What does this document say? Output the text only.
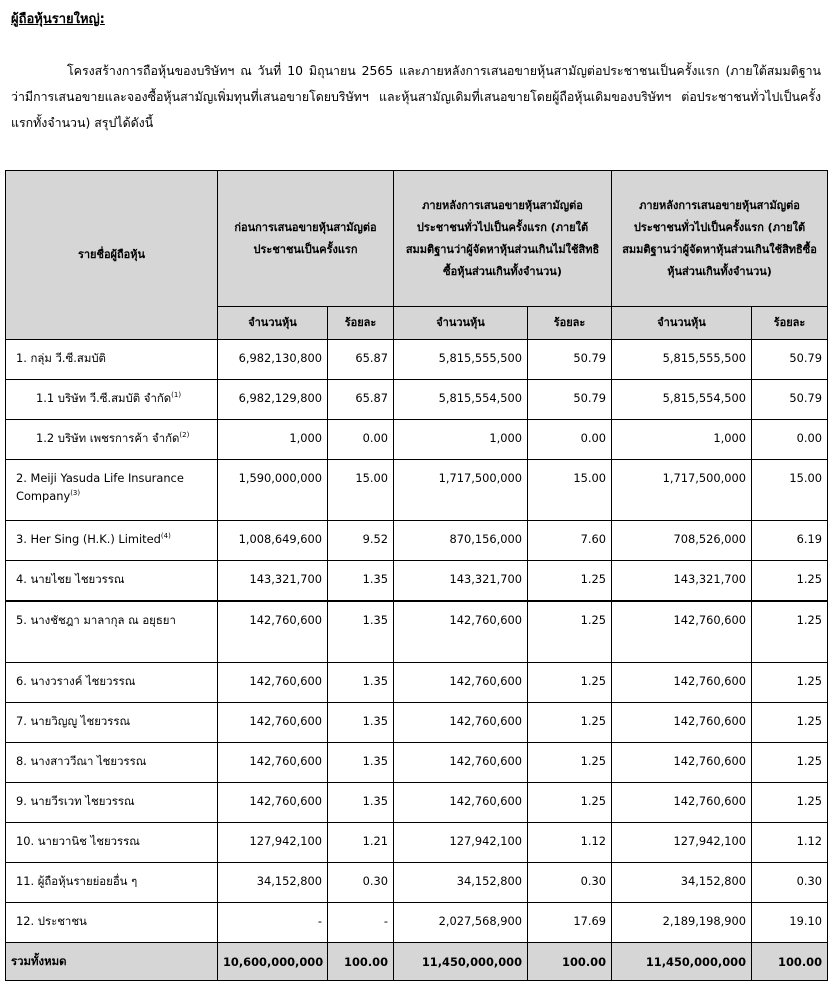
ผู้ถือหุ้นรายใหญ่:
โครงสร้างการถือหุ้นของบริษัทฯ ณ วันที่ 10 มิถุนายน 2565 และภายหลังการเสนอขายหุ้นสามัญต่อประชาชนเป็นครั้งแรก (ภายใต้สมมติฐานว่ามีการเสนอขายและจองซื้อหุ้นสามัญเพิ่มทุนที่เสนอขายโดยบริษัทฯ และหุ้นสามัญเดิมที่เสนอขายโดยผู้ถือหุ้นเดิมของบริษัทฯ ต่อประชาชนทั่วไปเป็นครั้งแรกทั้งจำนวน) สรุปได้ดังนี้
รายชื่อผู้ถือหุ้น	ก่อนการเสนอขายหุ้นสามัญต่อประชาชนเป็นครั้งแรก		ภายหลังการเสนอขายหุ้นสามัญต่อประชาชนทั่วไปเป็นครั้งแรก (ภายใต้สมมติฐานว่าผู้จัดหาหุ้นส่วนเกินไม่ใช้สิทธิซื้อหุ้นส่วนเกินทั้งจำนวน)		ภายหลังการเสนอขายหุ้นสามัญต่อประชาชนทั่วไปเป็นครั้งแรก (ภายใต้สมมติฐานว่าผู้จัดหาหุ้นส่วนเกินใช้สิทธิซื้อหุ้นส่วนเกินทั้งจำนวน)	
	จำนวนหุ้น	ร้อยละ	จำนวนหุ้น	ร้อยละ	จำนวนหุ้น	ร้อยละ
1. กลุ่ม วี.ซี.สมบัติ	6,982,130,800	65.87	5,815,555,500	50.79	5,815,555,500	50.79
1.1 บริษัท วี.ซี.สมบัติ จำกัด$^{(1)}$	6,982,129,800	65.87	5,815,554,500	50.79	5,815,554,500	50.79
1.2 บริษัท เพชรการค้า จำกัด$^{(2)}$	1,000	0.00	1,000	0.00	1,000	0.00
2. Meiji Yasuda Life Insurance Company$^{(3)}$	1,590,000,000	15.00	1,717,500,000	15.00	1,717,500,000	15.00
3. Her Sing (H.K.) Limited$^{(4)}$	1,008,649,600	9.52	870,156,000	7.60	708,526,000	6.19
4. นายไชย ไชยวรรณ	143,321,700	1.35	143,321,700	1.25	143,321,700	1.25
5. นางชัชฎา มาลากุล ณ อยุธยา	142,760,600	1.35	142,760,600	1.25	142,760,600	1.25
6. นางวรางค์ ไชยวรรณ	142,760,600	1.35	142,760,600	1.25	142,760,600	1.25
7. นายวิญญู ไชยวรรณ	142,760,600	1.35	142,760,600	1.25	142,760,600	1.25
8. นางสาววีณา ไชยวรรณ	142,760,600	1.35	142,760,600	1.25	142,760,600	1.25
9. นายวีรเวท ไชยวรรณ	142,760,600	1.35	142,760,600	1.25	142,760,600	1.25
10. นายวานิช ไชยวรรณ	127,942,100	1.21	127,942,100	1.12	127,942,100	1.12
11. ผู้ถือหุ้นรายย่อยอื่น ๆ	34,152,800	0.30	34,152,800	0.30	34,152,800	0.30
12. ประชาชน	-	-	2,027,568,900	17.69	2,189,198,900	19.10
รวมทั้งหมด	10,600,000,000	100.00	11,450,000,000	100.00	11,450,000,000	100.00
